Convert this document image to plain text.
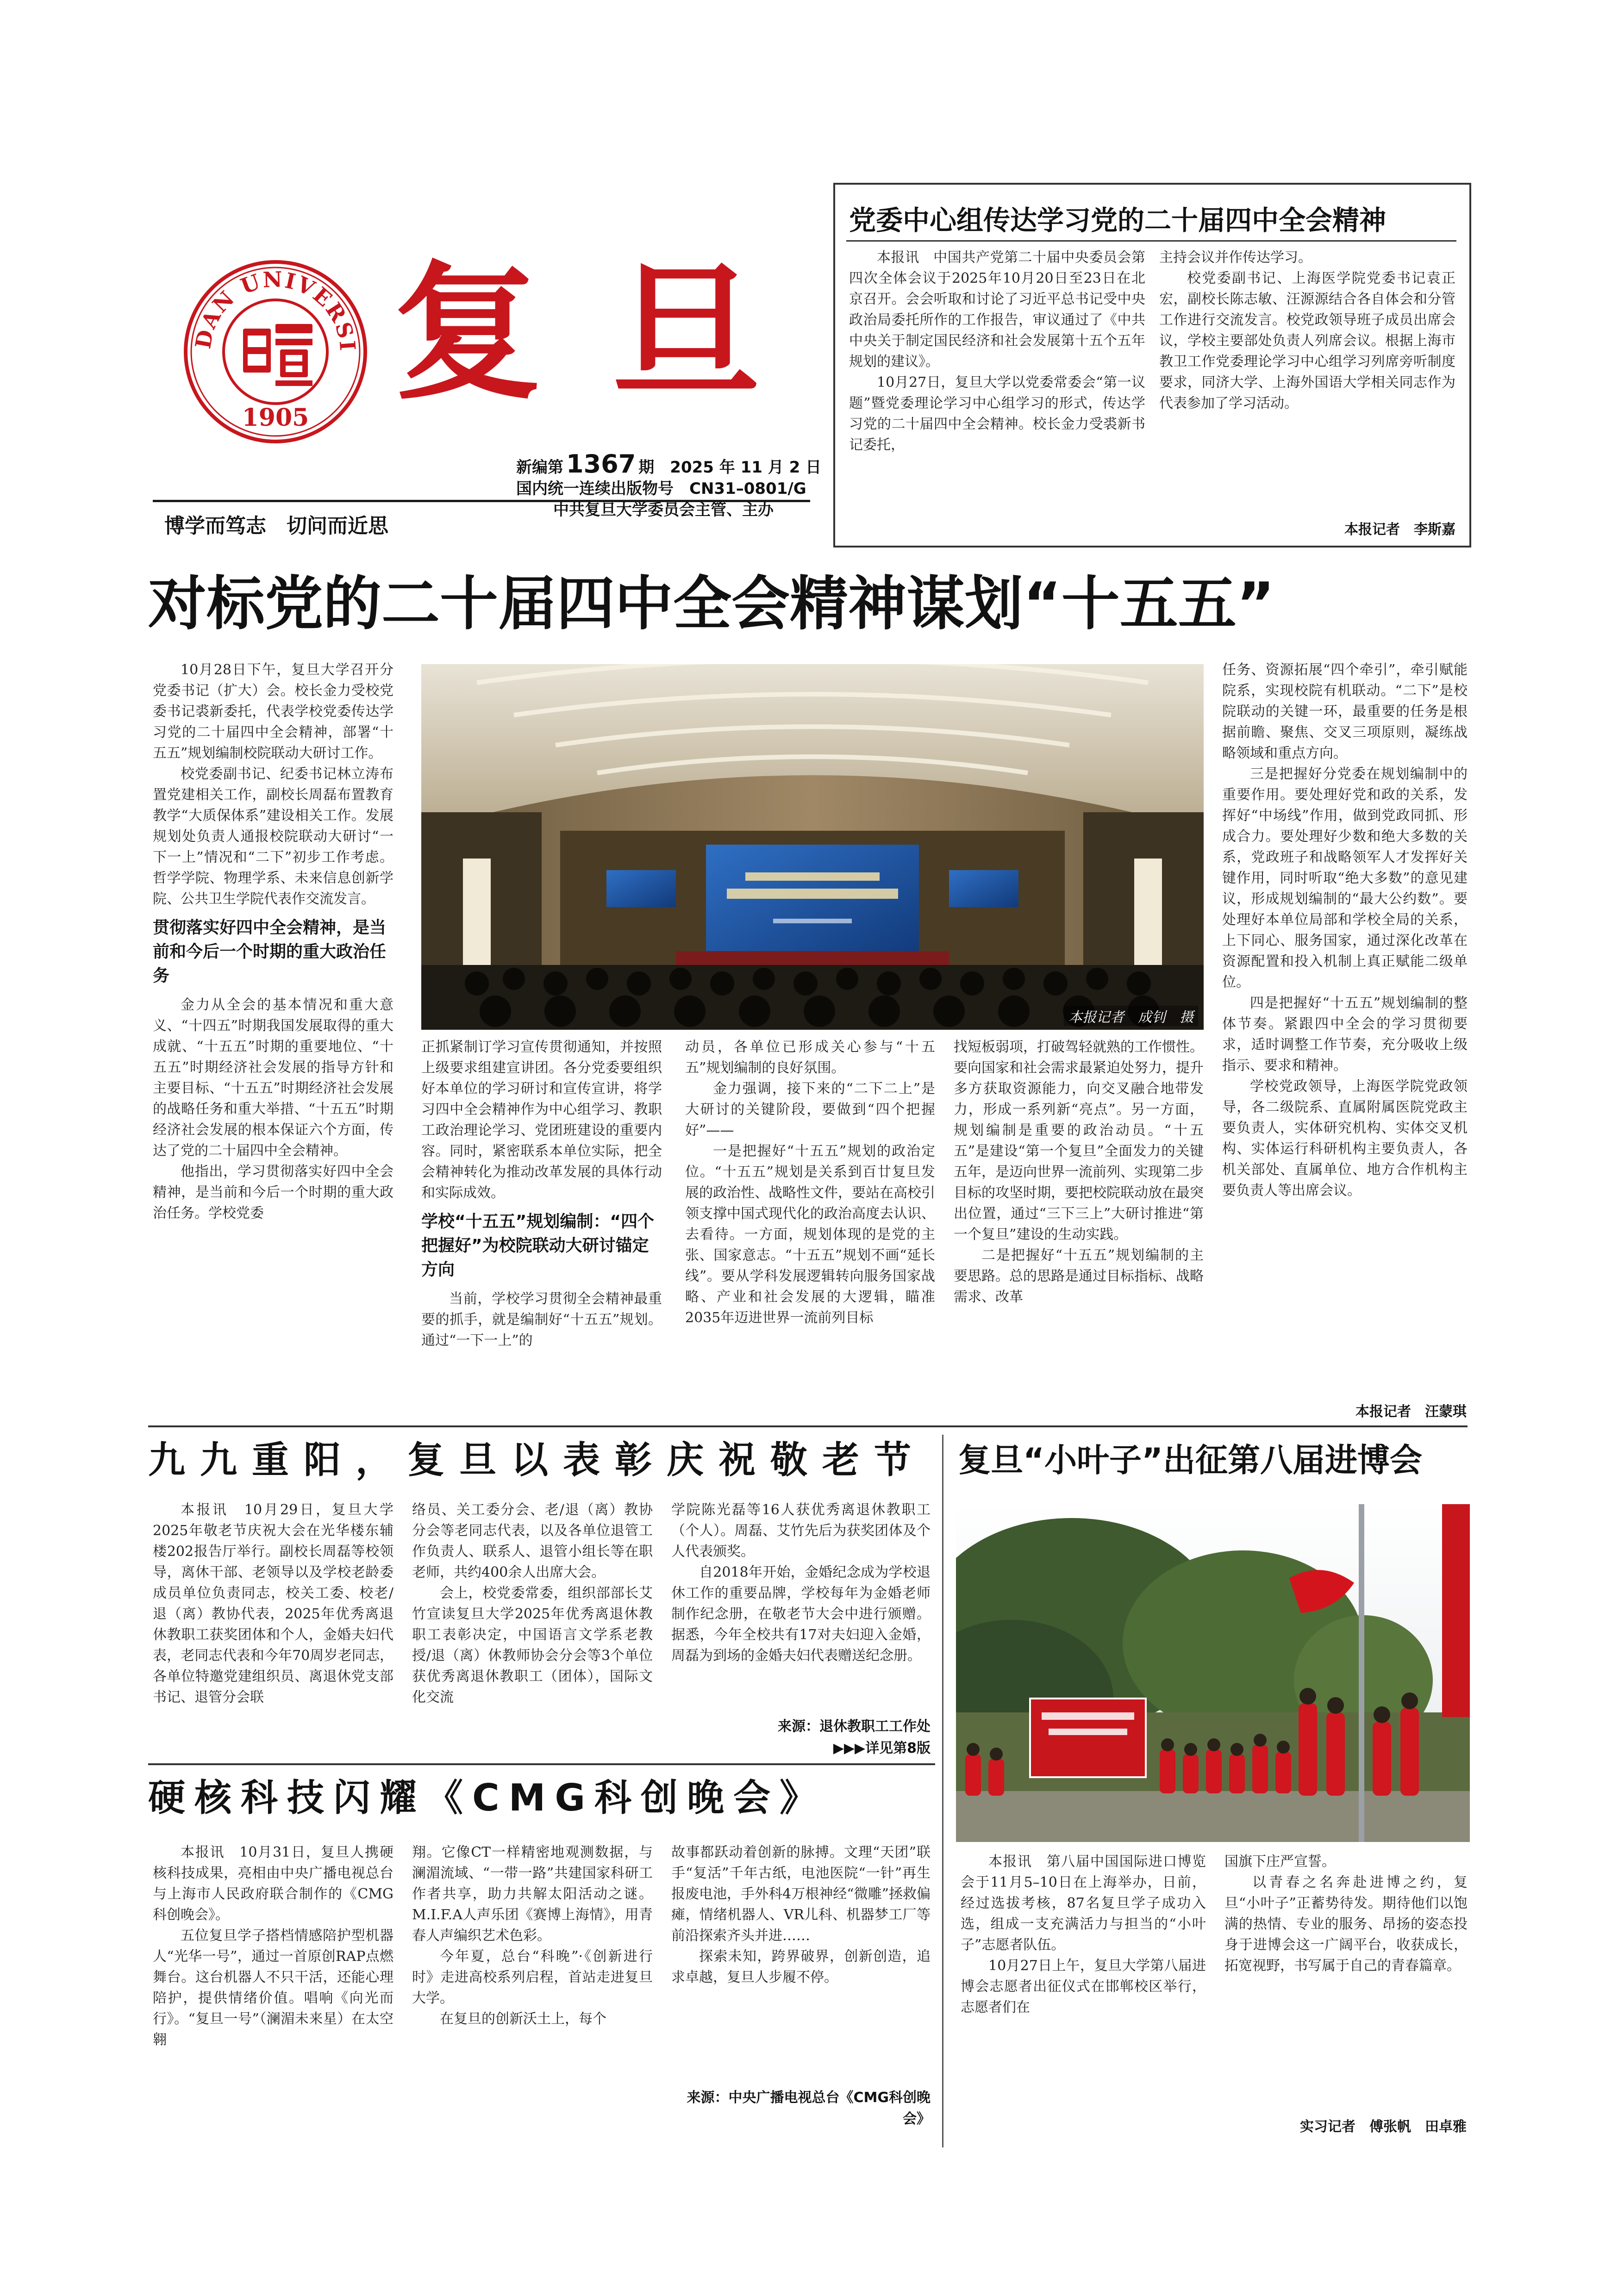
DAN UNIVERSI
1905 复 旦
博学而笃志　切问而近思
新编第 1367 期　2025 年 11 月 2 日
国内统一连续出版物号　CN31–0801/G
中共复旦大学委员会主管、主办
党委中心组传达学习党的二十届四中全会精神

本报讯　中国共产党第二十届中央委员会第四次全体会议于2025年10月20日至23日在北京召开。会会听取和讨论了习近平总书记受中央政治局委托所作的工作报告，审议通过了《中共中央关于制定国民经济和社会发展第十五个五年规划的建议》。

10月27日，复旦大学以党委常委会“第一议题”暨党委理论学习中心组学习的形式，传达学习党的二十届四中全会精神。校长金力受裘新书记委托，

主持会议并作传达学习。

校党委副书记、上海医学院党委书记袁正宏，副校长陈志敏、汪源源结合各自体会和分管工作进行交流发言。校党政领导班子成员出席会议，学校主要部处负责人列席会议。根据上海市教卫工作党委理论学习中心组学习列席旁听制度要求，同济大学、上海外国语大学相关同志作为代表参加了学习活动。

本报记者　李斯嘉
对标党的二十届四中全会精神谋划“十五五”

10月28日下午，复旦大学召开分党委书记（扩大）会。校长金力受校党委书记裘新委托，代表学校党委传达学习党的二十届四中全会精神，部署“十五五”规划编制校院联动大研讨工作。

校党委副书记、纪委书记林立涛布置党建相关工作，副校长周磊布置教育教学“大质保体系”建设相关工作。发展规划处负责人通报校院联动大研讨“一下一上”情况和“二下”初步工作考虑。哲学学院、物理学系、未来信息创新学院、公共卫生学院代表作交流发言。

贯彻落实好四中全会精神，是当前和今后一个时期的重大政治任务

金力从全会的基本情况和重大意义、“十四五”时期我国发展取得的重大成就、“十五五”时期的重要地位、“十五五”时期经济社会发展的指导方针和主要目标、“十五五”时期经济社会发展的战略任务和重大举措、“十五五”时期经济社会发展的根本保证六个方面，传达了党的二十届四中全会精神。

他指出，学习贯彻落实好四中全会精神，是当前和今后一个时期的重大政治任务。学校党委

本报记者　成钊　摄

正抓紧制订学习宣传贯彻通知，并按照上级要求组建宣讲团。各分党委要组织好本单位的学习研讨和宣传宣讲，将学习四中全会精神作为中心组学习、教职工政治理论学习、党团班建设的重要内容。同时，紧密联系本单位实际，把全会精神转化为推动改革发展的具体行动和实际成效。

学校“十五五”规划编制：“四个把握好”为校院联动大研讨锚定方向

当前，学校学习贯彻全会精神最重要的抓手，就是编制好“十五五”规划。通过“一下一上”的

动员，各单位已形成关心参与“十五五”规划编制的良好氛围。

金力强调，接下来的“二下二上”是大研讨的关键阶段，要做到“四个把握好”——

一是把握好“十五五”规划的政治定位。“十五五”规划是关系到百廿复旦发展的政治性、战略性文件，要站在高校引领支撑中国式现代化的政治高度去认识、去看待。一方面，规划体现的是党的主张、国家意志。“十五五”规划不画“延长线”。要从学科发展逻辑转向服务国家战略、产业和社会发展的大逻辑，瞄准2035年迈进世界一流前列目标

找短板弱项，打破驾轻就熟的工作惯性。要向国家和社会需求最紧迫处努力，提升多方获取资源能力，向交叉融合地带发力，形成一系列新“亮点”。另一方面，规划编制是重要的政治动员。“十五五”是建设“第一个复旦”全面发力的关键五年，是迈向世界一流前列、实现第二步目标的攻坚时期，要把校院联动放在最突出位置，通过“三下三上”大研讨推进“第一个复旦”建设的生动实践。

二是把握好“十五五”规划编制的主要思路。总的思路是通过目标指标、战略需求、改革

任务、资源拓展“四个牵引”，牵引赋能院系，实现校院有机联动。“二下”是校院联动的关键一环，最重要的任务是根据前瞻、聚焦、交叉三项原则，凝练战略领域和重点方向。

三是把握好分党委在规划编制中的重要作用。要处理好党和政的关系，发挥好“中场线”作用，做到党政同抓、形成合力。要处理好少数和绝大多数的关系，党政班子和战略领军人才发挥好关键作用，同时听取“绝大多数”的意见建议，形成规划编制的“最大公约数”。要处理好本单位局部和学校全局的关系，上下同心、服务国家，通过深化改革在资源配置和投入机制上真正赋能二级单位。

四是把握好“十五五”规划编制的整体节奏。紧跟四中全会的学习贯彻要求，适时调整工作节奏，充分吸收上级指示、要求和精神。

学校党政领导，上海医学院党政领导，各二级院系、直属附属医院党政主要负责人，实体研究机构、实体交叉机构、实体运行科研机构主要负责人，各机关部处、直属单位、地方合作机构主要负责人等出席会议。

本报记者　汪蒙琪
九九重阳，复旦以表彰庆祝敬老节

本报讯　10月29日，复旦大学2025年敬老节庆祝大会在光华楼东辅楼202报告厅举行。副校长周磊等校领导，离休干部、老领导以及学校老龄委成员单位负责同志，校关工委、校老/退（离）教协代表，2025年优秀离退休教职工获奖团体和个人，金婚夫妇代表，老同志代表和今年70周岁老同志，各单位特邀党建组织员、离退休党支部书记、退管分会联

络员、关工委分会、老/退（离）教协分会等老同志代表，以及各单位退管工作负责人、联系人、退管小组长等在职老师，共约400余人出席大会。

会上，校党委常委，组织部部长艾竹宣读复旦大学2025年优秀离退休教职工表彰决定，中国语言文学系老教授/退（离）休教师协会分会等3个单位获优秀离退休教职工（团体），国际文化交流

学院陈光磊等16人获优秀离退休教职工（个人）。周磊、艾竹先后为获奖团体及个人代表颁奖。

自2018年开始，金婚纪念成为学校退休工作的重要品牌，学校每年为金婚老师制作纪念册，在敬老节大会中进行颁赠。据悉，今年全校共有17对夫妇迎入金婚，周磊为到场的金婚夫妇代表赠送纪念册。

来源：退休教职工工作处
▶▶▶详见第8版
硬核科技闪耀《CMG科创晚会》

本报讯　10月31日，复旦人携硬核科技成果，亮相由中央广播电视总台与上海市人民政府联合制作的《CMG科创晚会》。

五位复旦学子搭档情感陪护型机器人“光华一号”，通过一首原创RAP点燃舞台。这台机器人不只干活，还能心理陪护，提供情绪价值。唱响《向光而行》。“复旦一号”（澜湄未来星）在太空翱

翔。它像CT一样精密地观测数据，与澜湄流域、“一带一路”共建国家科研工作者共享，助力共解太阳活动之谜。M.I.F.A人声乐团《赛博上海情》，用青春人声编织艺术色彩。

今年夏，总台“科晚”·《创新进行时》走进高校系列启程，首站走进复旦大学。

在复旦的创新沃土上，每个

故事都跃动着创新的脉搏。文理“天团”联手“复活”千年古纸，电池医院“一针”再生报废电池，手外科4万根神经“微雕”拯救偏瘫，情绪机器人、VR儿科、机器梦工厂等前沿探索齐头并进……

探索未知，跨界破界，创新创造，追求卓越，复旦人步履不停。

来源：中央广播电视总台《CMG科创晚会》
复旦“小叶子”出征第八届进博会

本报讯　第八届中国国际进口博览会于11月5–10日在上海举办，日前，经过选拔考核，87名复旦学子成功入选，组成一支充满活力与担当的“小叶子”志愿者队伍。

10月27日上午，复旦大学第八届进博会志愿者出征仪式在邯郸校区举行，志愿者们在

国旗下庄严宣誓。

以青春之名奔赴进博之约，复旦“小叶子”正蓄势待发。期待他们以饱满的热情、专业的服务、昂扬的姿态投身于进博会这一广阔平台，收获成长，拓宽视野，书写属于自己的青春篇章。

实习记者　傅张帆　田卓雅
